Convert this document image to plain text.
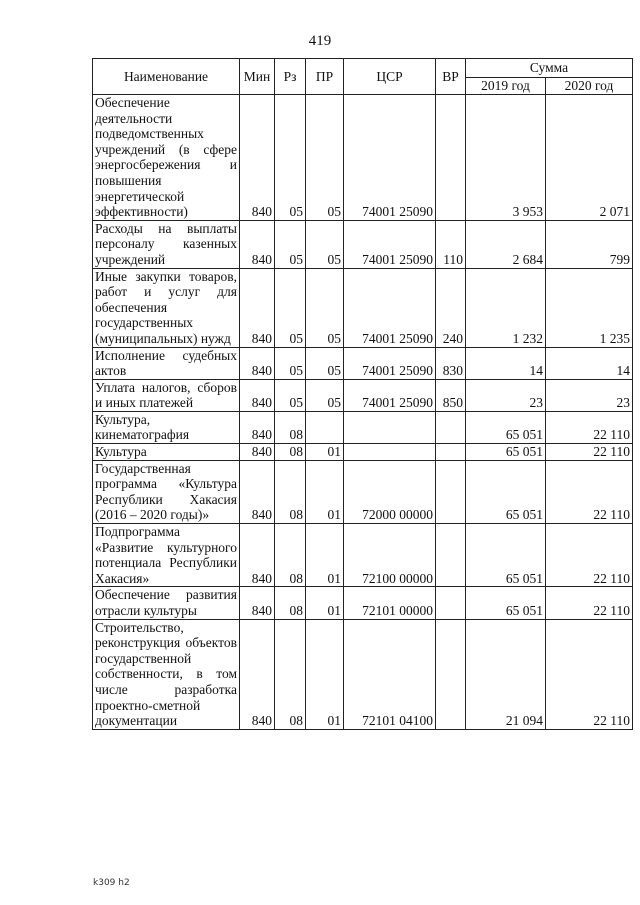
419
Наименование	Мин	Рз	ПР	ЦСР	ВР	Сумма	
						2019 год	2020 год
Обеспечение деятельности подведомственных учреждений (в сфере энергосбережения и повышения энергетической эффективности)	840	05	05	74001 25090		3 953	2 071
Расходы на выплаты персоналу казенных учреждений	840	05	05	74001 25090	110	2 684	799
Иные закупки товаров, работ и услуг для обеспечения государственных (муниципальных) нужд	840	05	05	74001 25090	240	1 232	1 235
Исполнение судебных актов	840	05	05	74001 25090	830	14	14
Уплата налогов, сборов и иных платежей	840	05	05	74001 25090	850	23	23
Культура, кинематография	840	08				65 051	22 110
Культура	840	08	01			65 051	22 110
Государственная программа «Культура Республики Хакасия (2016 – 2020 годы)»	840	08	01	72000 00000		65 051	22 110
Подпрограмма «Развитие культурного потенциала Республики Хакасия»	840	08	01	72100 00000		65 051	22 110
Обеспечение развития отрасли культуры	840	08	01	72101 00000		65 051	22 110
Строительство, реконструкция объектов государственной собственности, в том числе разработка проектно-сметной документации	840	08	01	72101 04100		21 094	22 110
k309 h2
